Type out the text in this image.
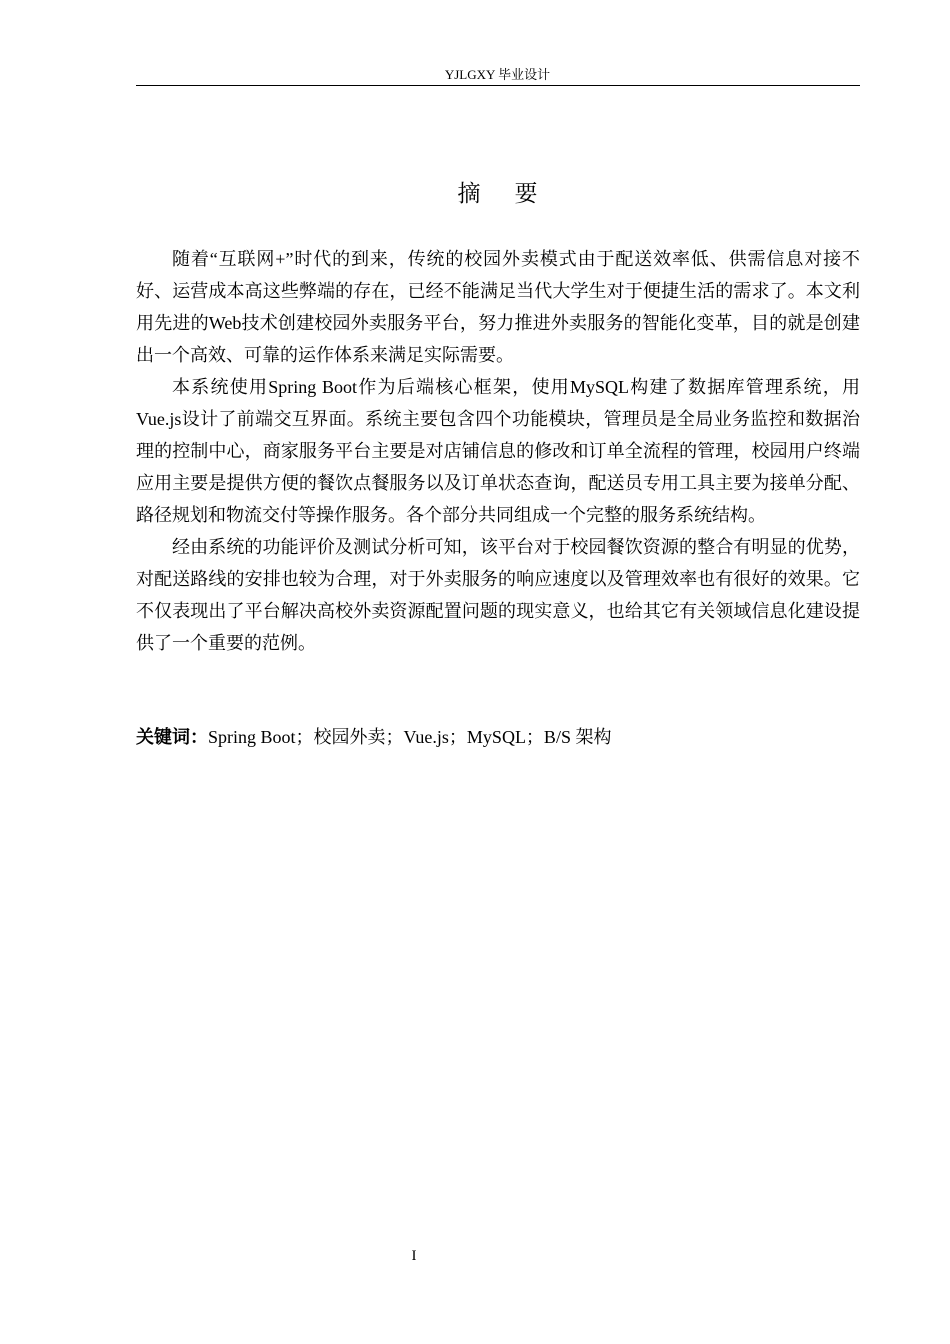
YJLGXY 毕业设计
摘 要

随着“互联网+”时代的到来，传统的校园外卖模式由于配送效率低、供需信息对接不好、运营成本高这些弊端的存在，已经不能满足当代大学生对于便捷生活的需求了。本文利用先进的Web技术创建校园外卖服务平台，努力推进外卖服务的智能化变革，目的就是创建出一个高效、可靠的运作体系来满足实际需要。

本系统使用Spring Boot作为后端核心框架，使用MySQL构建了数据库管理系统，用Vue.js设计了前端交互界面。系统主要包含四个功能模块，管理员是全局业务监控和数据治理的控制中心，商家服务平台主要是对店铺信息的修改和订单全流程的管理，校园用户终端应用主要是提供方便的餐饮点餐服务以及订单状态查询，配送员专用工具主要为接单分配、路径规划和物流交付等操作服务。各个部分共同组成一个完整的服务系统结构。

经由系统的功能评价及测试分析可知，该平台对于校园餐饮资源的整合有明显的优势，对配送路线的安排也较为合理，对于外卖服务的响应速度以及管理效率也有很好的效果。它不仅表现出了平台解决高校外卖资源配置问题的现实意义，也给其它有关领域信息化建设提供了一个重要的范例。

关键词：Spring Boot；校园外卖；Vue.js；MySQL；B/S 架构
I
